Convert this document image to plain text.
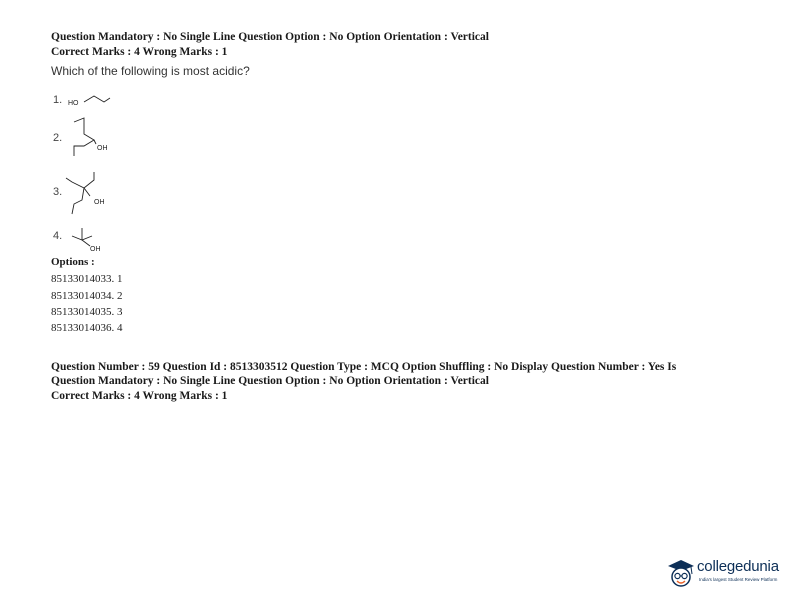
Question Mandatory : No Single Line Question Option : No Option Orientation : Vertical
Correct Marks : 4 Wrong Marks : 1
Which of the following is most acidic?
1. HO
2.
OH
3.
OH
4.
OH
Options :
85133014033. 1
85133014034. 2
85133014035. 3
85133014036. 4
Question Number : 59 Question Id : 8513303512 Question Type : MCQ Option Shuffling : No Display Question Number : Yes Is
Question Mandatory : No Single Line Question Option : No Option Orientation : Vertical
Correct Marks : 4 Wrong Marks : 1
collegedunia
India's largest Student Review Platform
